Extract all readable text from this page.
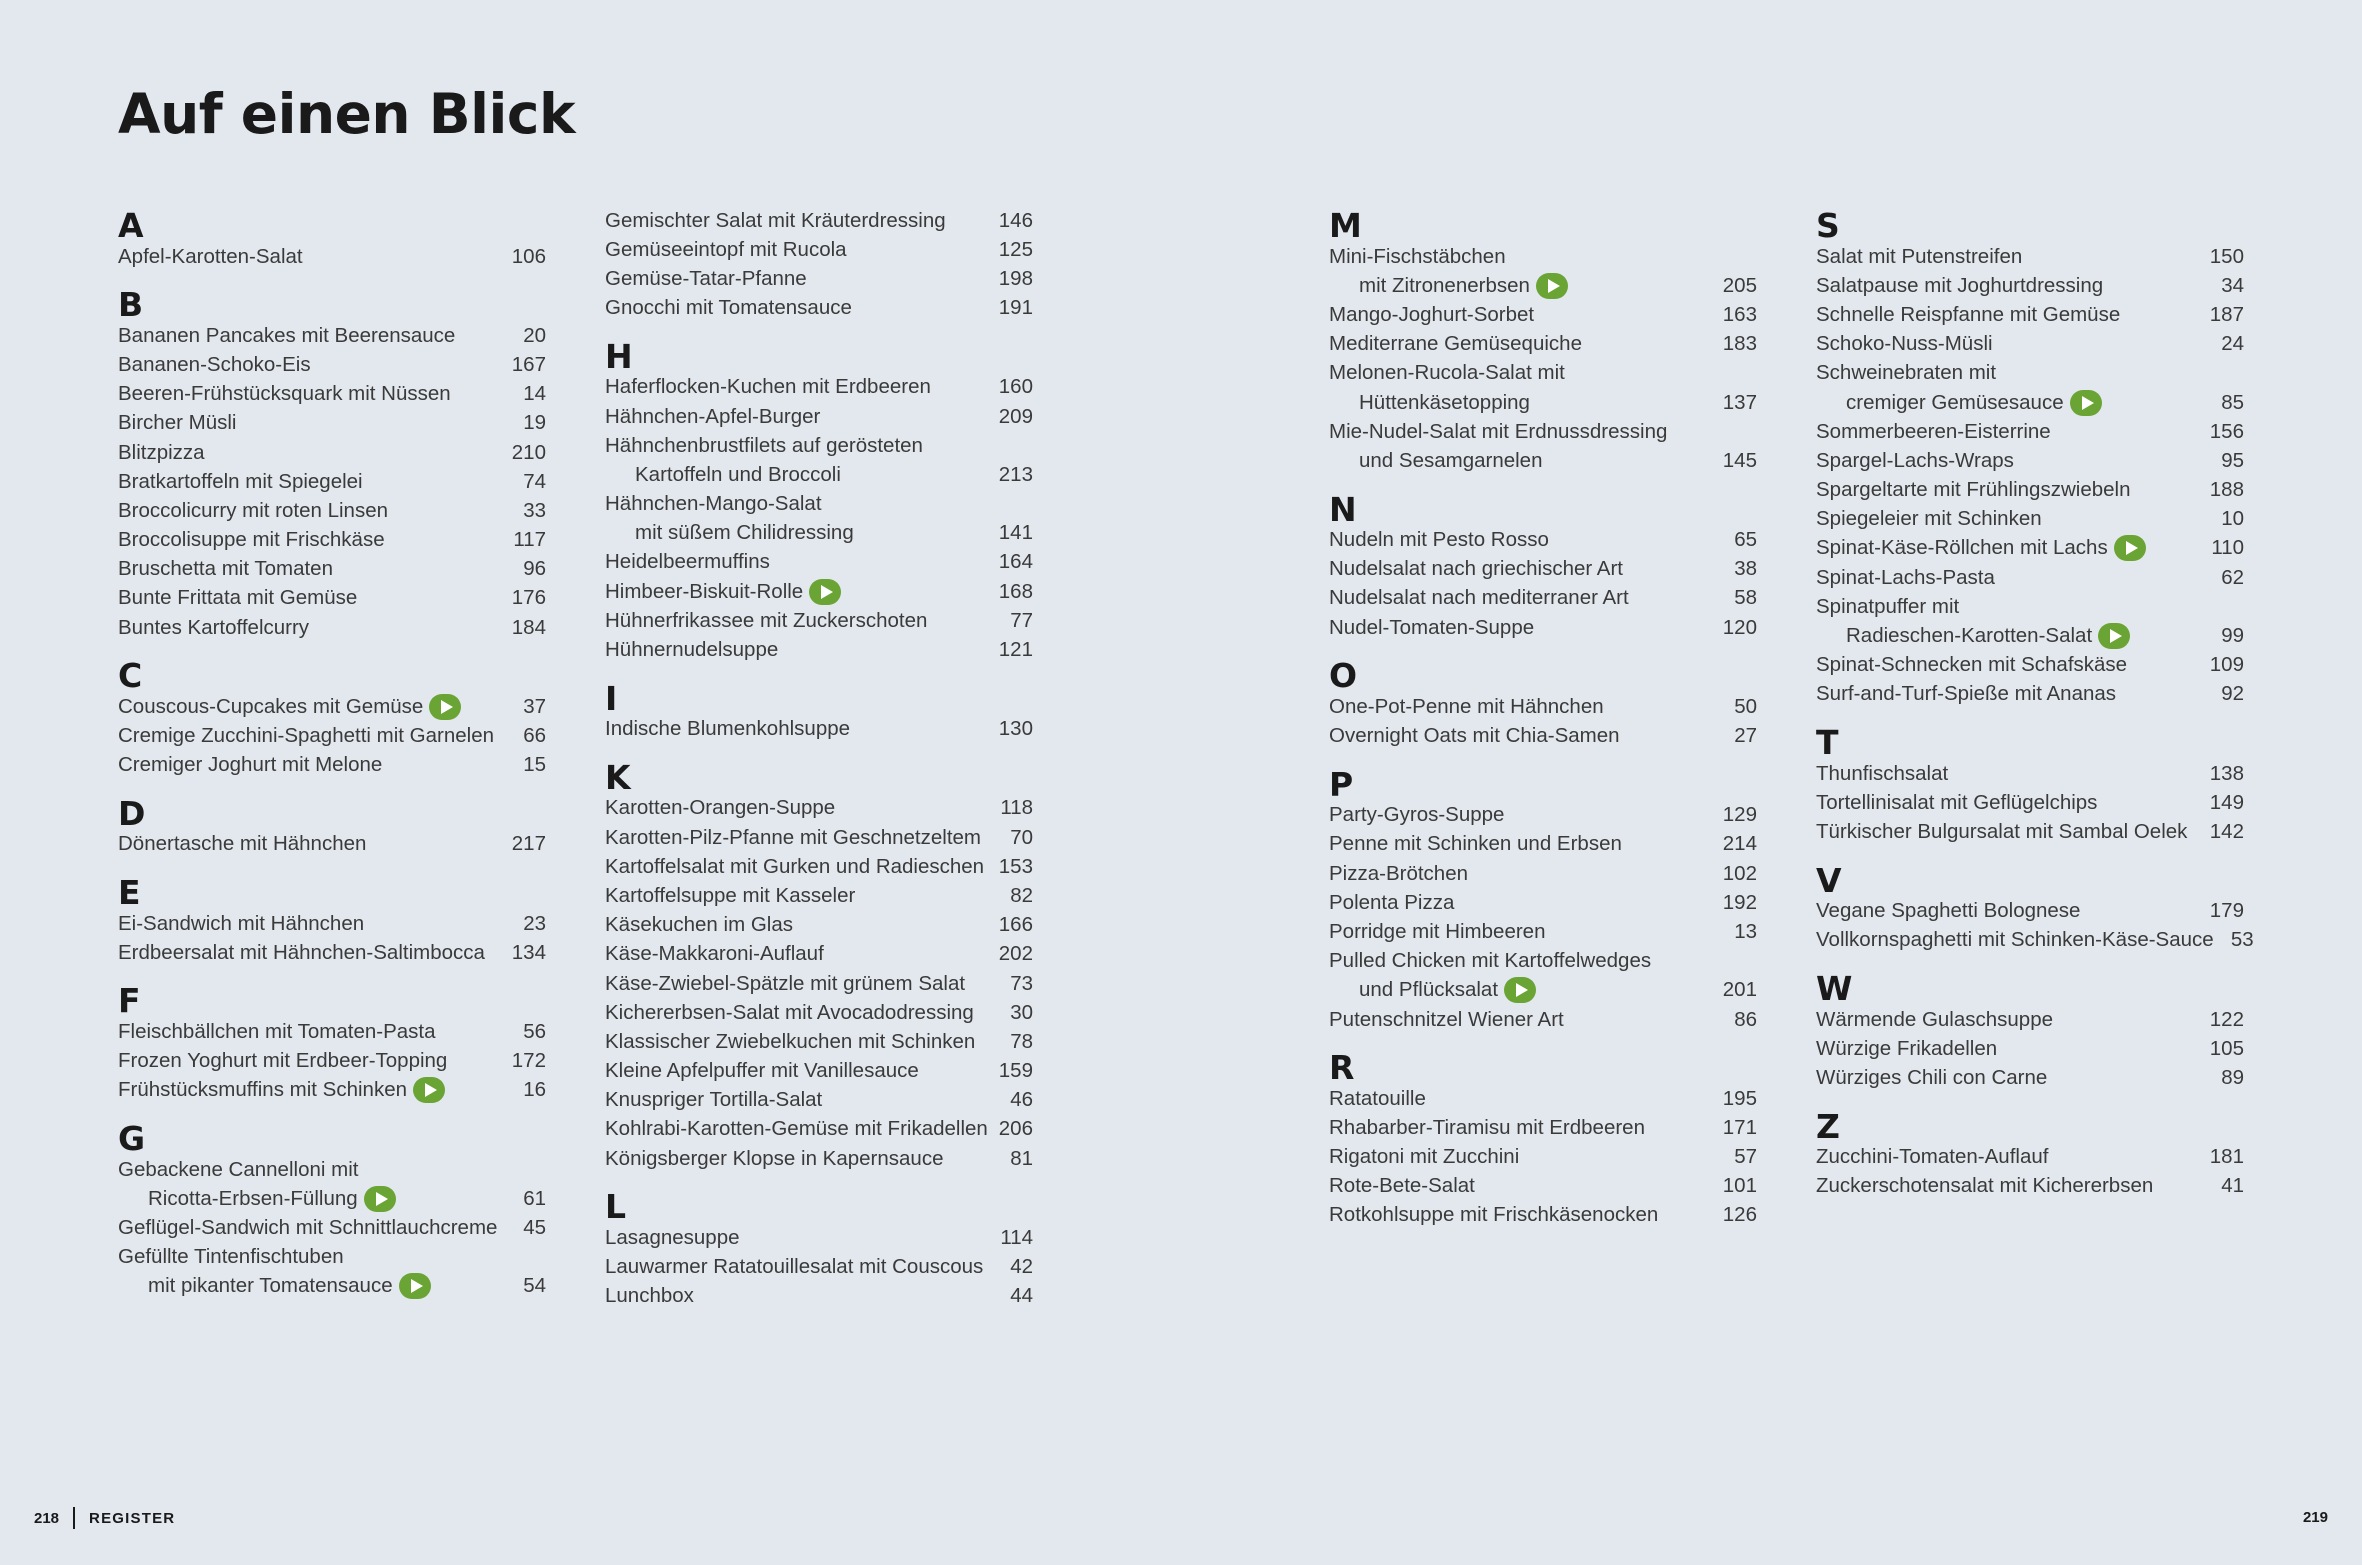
Auf einen Blick
A
Apfel-Karotten-Salat	106
B
Bananen Pancakes mit Beerensauce	20
Bananen-Schoko-Eis	167
Beeren-Frühstücksquark mit Nüssen	14
Bircher Müsli	19
Blitzpizza	210
Bratkartoffeln mit Spiegelei	74
Broccolicurry mit roten Linsen	33
Broccolisuppe mit Frischkäse	117
Bruschetta mit Tomaten	96
Bunte Frittata mit Gemüse	176
Buntes Kartoffelcurry	184
C
Couscous-Cupcakes mit Gemüse	37
Cremige Zucchini-Spaghetti mit Garnelen	66
Cremiger Joghurt mit Melone	15
D
Dönertasche mit Hähnchen	217
E
Ei-Sandwich mit Hähnchen	23
Erdbeersalat mit Hähnchen-Saltimbocca 134
F
Fleischbällchen mit Tomaten-Pasta	56
Frozen Yoghurt mit Erdbeer-Topping	172
Frühstücksmuffins mit Schinken	16
G
Gebackene Cannelloni mit
Ricotta-Erbsen-Füllung	61
Geflügel-Sandwich mit Schnittlauchcreme	45
Gefüllte Tintenfischtuben
mit pikanter Tomatensauce	54
Gemischter Salat mit Kräuterdressing	146
Gemüseeintopf mit Rucola	125
Gemüse-Tatar-Pfanne	198
Gnocchi mit Tomatensauce	191
H
Haferflocken-Kuchen mit Erdbeeren	160
Hähnchen-Apfel-Burger	209
Hähnchenbrustfilets auf gerösteten
Kartoffeln und Broccoli	213
Hähnchen-Mango-Salat
mit süßem Chilidressing	141
Heidelbeermuffins	164
Himbeer-Biskuit-Rolle	168
Hühnerfrikassee mit Zuckerschoten	77
Hühnernudelsuppe	121
I
Indische Blumenkohlsuppe	130
K
Karotten-Orangen-Suppe	118
Karotten-Pilz-Pfanne mit Geschnetzeltem	70
Kartoffelsalat mit Gurken und Radieschen 153
Kartoffelsuppe mit Kasseler	82
Käsekuchen im Glas	166
Käse-Makkaroni-Auflauf	202
Käse-Zwiebel-Spätzle mit grünem Salat	73
Kichererbsen-Salat mit Avocadodressing	30
Klassischer Zwiebelkuchen mit Schinken	78
Kleine Apfelpuffer mit Vanillesauce	159
Knuspriger Tortilla-Salat	46
Kohlrabi-Karotten-Gemüse mit Frikadellen 206
Königsberger Klopse in Kapernsauce	81
L
Lasagnesuppe	114
Lauwarmer Ratatouillesalat mit Couscous	42
Lunchbox	44
M
Mini-Fischstäbchen
mit Zitronenerbsen	205
Mango-Joghurt-Sorbet	163
Mediterrane Gemüsequiche	183
Melonen-Rucola-Salat mit
Hüttenkäsetopping	137
Mie-Nudel-Salat mit Erdnussdressing
und Sesamgarnelen	145
N
Nudeln mit Pesto Rosso	65
Nudelsalat nach griechischer Art	38
Nudelsalat nach mediterraner Art	58
Nudel-Tomaten-Suppe	120
O
One-Pot-Penne mit Hähnchen	50
Overnight Oats mit Chia-Samen	27
P
Party-Gyros-Suppe	129
Penne mit Schinken und Erbsen	214
Pizza-Brötchen	102
Polenta Pizza	192
Porridge mit Himbeeren	13
Pulled Chicken mit Kartoffelwedges
und Pflücksalat	201
Putenschnitzel Wiener Art	86
R
Ratatouille	195
Rhabarber-Tiramisu mit Erdbeeren	171
Rigatoni mit Zucchini	57
Rote-Bete-Salat	101
Rotkohlsuppe mit Frischkäsenocken	126
S
Salat mit Putenstreifen	150
Salatpause mit Joghurtdressing	34
Schnelle Reispfanne mit Gemüse	187
Schoko-Nuss-Müsli	24
Schweinebraten mit
cremiger Gemüsesauce	85
Sommerbeeren-Eisterrine	156
Spargel-Lachs-Wraps	95
Spargeltarte mit Frühlingszwiebeln	188
Spiegeleier mit Schinken	10
Spinat-Käse-Röllchen mit Lachs	110
Spinat-Lachs-Pasta	62
Spinatpuffer mit
Radieschen-Karotten-Salat	99
Spinat-Schnecken mit Schafskäse	109
Surf-and-Turf-Spieße mit Ananas	92
T
Thunfischsalat	138
Tortellinisalat mit Geflügelchips	149
Türkischer Bulgursalat mit Sambal Oelek 142
V
Vegane Spaghetti Bolognese	179
Vollkornspaghetti mit Schinken-Käse-Sauce 53
W
Wärmende Gulaschsuppe	122
Würzige Frikadellen	105
Würziges Chili con Carne	89
Z
Zucchini-Tomaten-Auflauf	181
Zuckerschotensalat mit Kichererbsen	41
218 REGISTER	219
